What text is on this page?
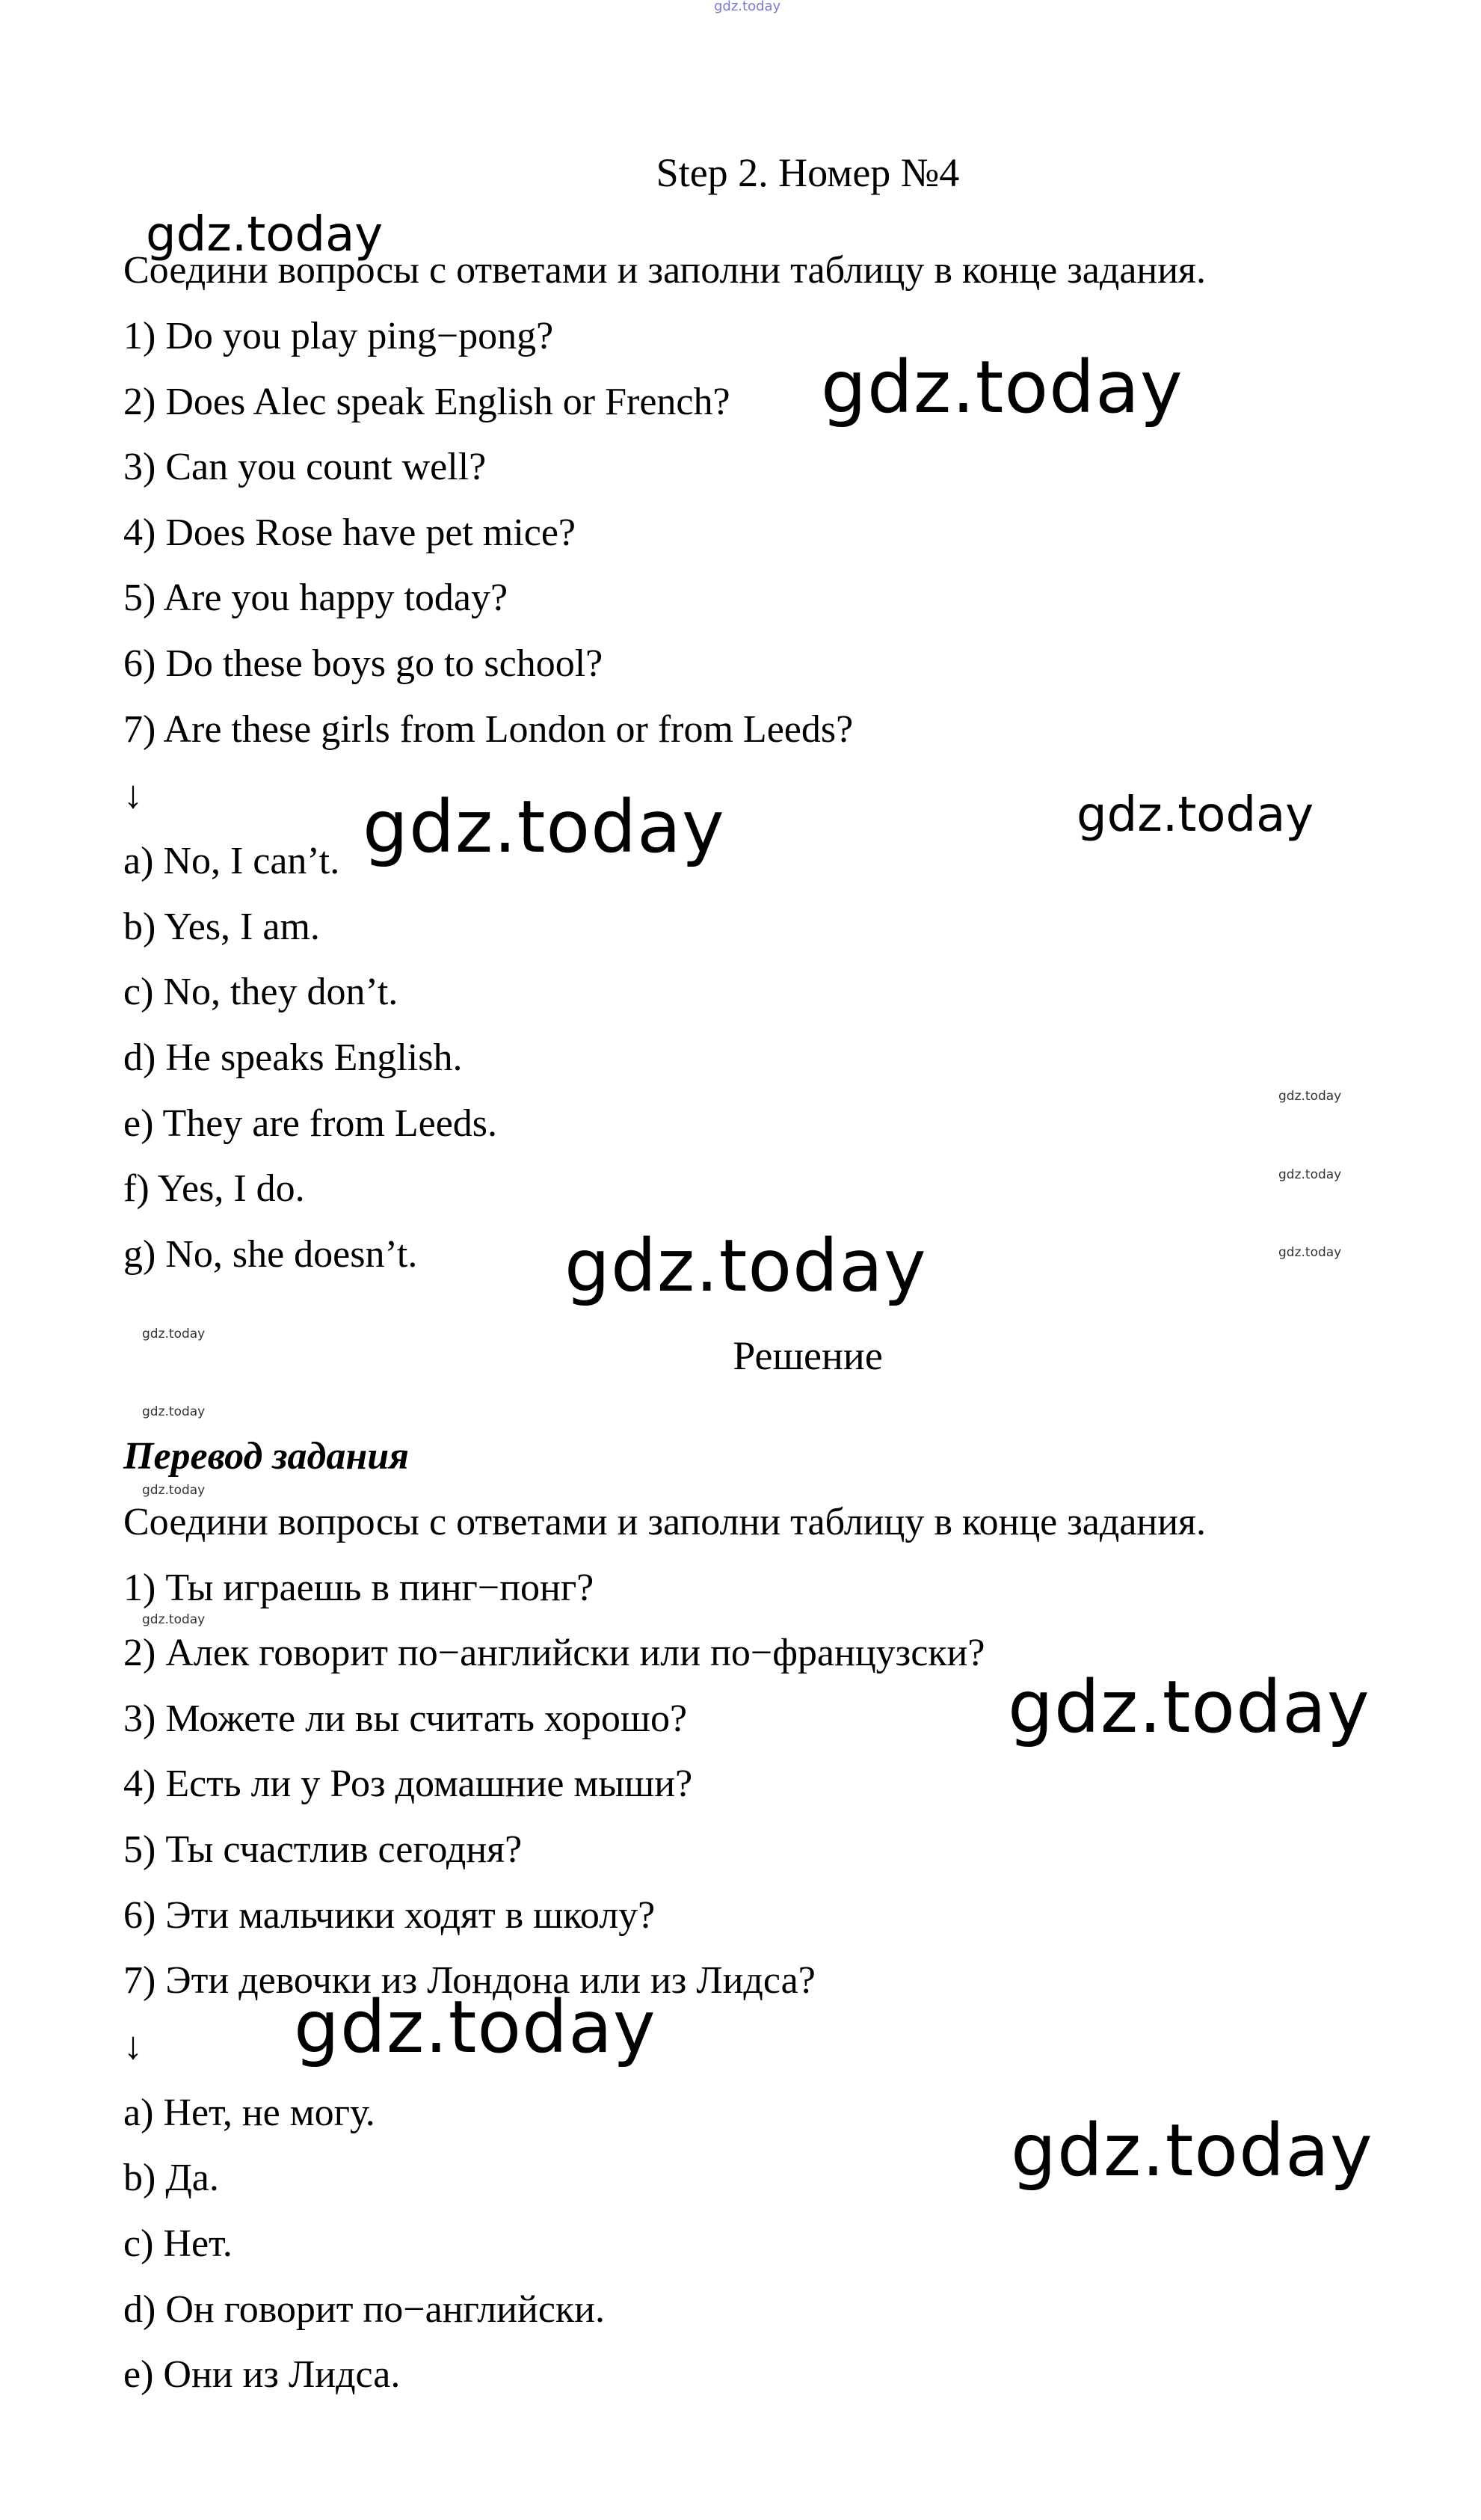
gdz.today
Step 2. Номер №4
gdz.today
gdz.today
gdz.today	gdz.today
gdz.today
gdz.today
gdz.today
gdz.today
gdz.today
gdz.today
gdz.today
gdz.today
gdz.today
gdz.today
gdz.today
Соедини вопросы с ответами и заполни таблицу в конце задания.
1) Do you play ping−pong?
2) Does Alec speak English or French?
3) Can you count well?
4) Does Rose have pet mice?
5) Are you happy today?
6) Do these boys go to school?
7) Are these girls from London or from Leeds?
↓
a) No, I can’t.
b) Yes, I am.
c) No, they don’t.
d) He speaks English.
e) They are from Leeds.
f) Yes, I do.
g) No, she doesn’t.
Решение
Перевод задания
Соедини вопросы с ответами и заполни таблицу в конце задания.
1) Ты играешь в пинг−понг?
2) Алек говорит по−английски или по−французски?
3) Можете ли вы считать хорошо?
4) Есть ли у Роз домашние мыши?
5) Ты счастлив сегодня?
6) Эти мальчики ходят в школу?
7) Эти девочки из Лондона или из Лидса?
↓
a) Нет, не могу.
b) Да.
c) Нет.
d) Он говорит по−английски.
e) Они из Лидса.
